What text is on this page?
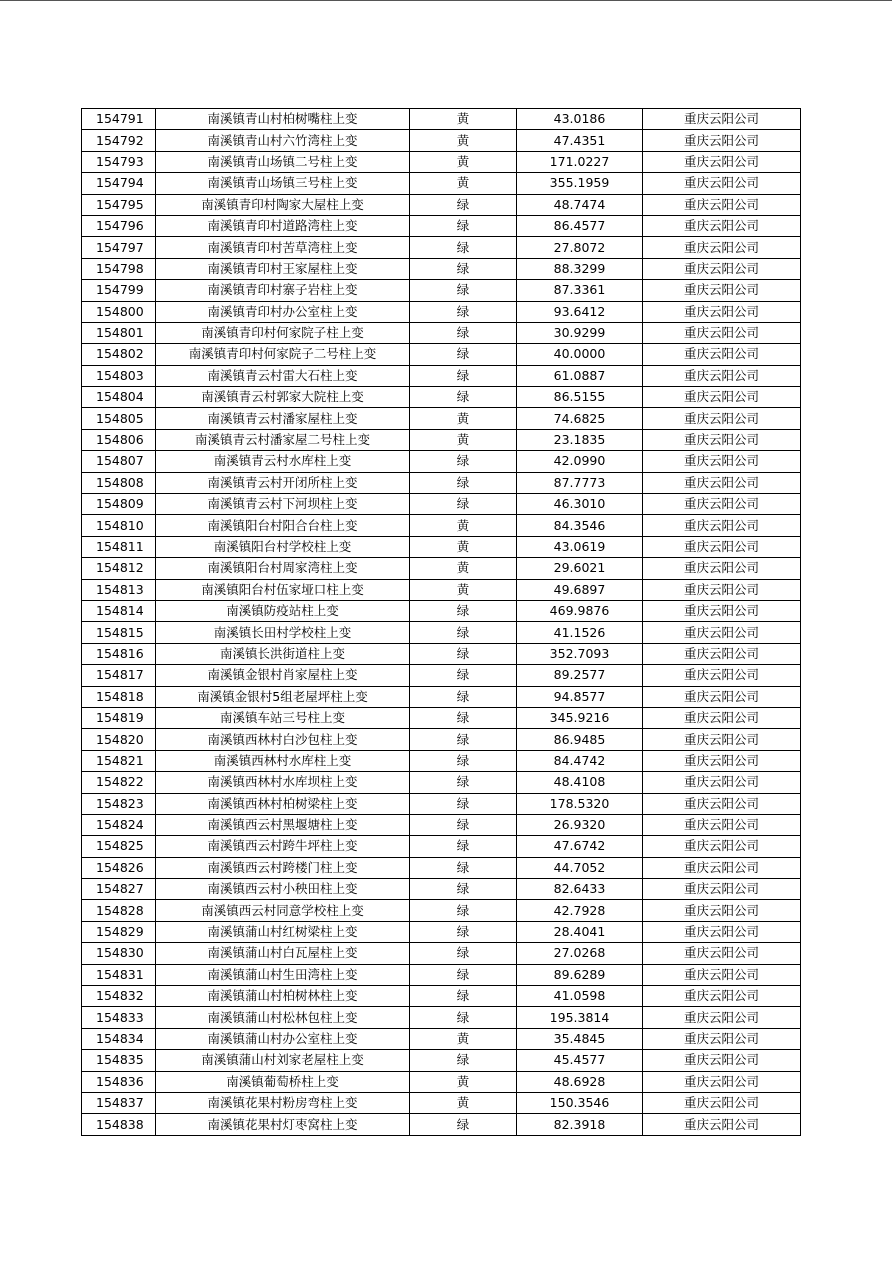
154791	南溪镇青山村柏树嘴柱上变	黄	43.0186	重庆云阳公司
154792	南溪镇青山村六竹湾柱上变	黄	47.4351	重庆云阳公司
154793	南溪镇青山场镇二号柱上变	黄	171.0227	重庆云阳公司
154794	南溪镇青山场镇三号柱上变	黄	355.1959	重庆云阳公司
154795	南溪镇青印村陶家大屋柱上变	绿	48.7474	重庆云阳公司
154796	南溪镇青印村道路湾柱上变	绿	86.4577	重庆云阳公司
154797	南溪镇青印村苦草湾柱上变	绿	27.8072	重庆云阳公司
154798	南溪镇青印村王家屋柱上变	绿	88.3299	重庆云阳公司
154799	南溪镇青印村寨子岩柱上变	绿	87.3361	重庆云阳公司
154800	南溪镇青印村办公室柱上变	绿	93.6412	重庆云阳公司
154801	南溪镇青印村何家院子柱上变	绿	30.9299	重庆云阳公司
154802	南溪镇青印村何家院子二号柱上变	绿	40.0000	重庆云阳公司
154803	南溪镇青云村雷大石柱上变	绿	61.0887	重庆云阳公司
154804	南溪镇青云村郭家大院柱上变	绿	86.5155	重庆云阳公司
154805	南溪镇青云村潘家屋柱上变	黄	74.6825	重庆云阳公司
154806	南溪镇青云村潘家屋二号柱上变	黄	23.1835	重庆云阳公司
154807	南溪镇青云村水库柱上变	绿	42.0990	重庆云阳公司
154808	南溪镇青云村开闭所柱上变	绿	87.7773	重庆云阳公司
154809	南溪镇青云村下河坝柱上变	绿	46.3010	重庆云阳公司
154810	南溪镇阳台村阳合台柱上变	黄	84.3546	重庆云阳公司
154811	南溪镇阳台村学校柱上变	黄	43.0619	重庆云阳公司
154812	南溪镇阳台村周家湾柱上变	黄	29.6021	重庆云阳公司
154813	南溪镇阳台村伍家垭口柱上变	黄	49.6897	重庆云阳公司
154814	南溪镇防疫站柱上变	绿	469.9876	重庆云阳公司
154815	南溪镇长田村学校柱上变	绿	41.1526	重庆云阳公司
154816	南溪镇长洪街道柱上变	绿	352.7093	重庆云阳公司
154817	南溪镇金银村肖家屋柱上变	绿	89.2577	重庆云阳公司
154818	南溪镇金银村5组老屋坪柱上变	绿	94.8577	重庆云阳公司
154819	南溪镇车站三号柱上变	绿	345.9216	重庆云阳公司
154820	南溪镇西林村白沙包柱上变	绿	86.9485	重庆云阳公司
154821	南溪镇西林村水库柱上变	绿	84.4742	重庆云阳公司
154822	南溪镇西林村水库坝柱上变	绿	48.4108	重庆云阳公司
154823	南溪镇西林村柏树梁柱上变	绿	178.5320	重庆云阳公司
154824	南溪镇西云村黑堰塘柱上变	绿	26.9320	重庆云阳公司
154825	南溪镇西云村跨牛坪柱上变	绿	47.6742	重庆云阳公司
154826	南溪镇西云村跨楼门柱上变	绿	44.7052	重庆云阳公司
154827	南溪镇西云村小秧田柱上变	绿	82.6433	重庆云阳公司
154828	南溪镇西云村同意学校柱上变	绿	42.7928	重庆云阳公司
154829	南溪镇蒲山村红树梁柱上变	绿	28.4041	重庆云阳公司
154830	南溪镇蒲山村白瓦屋柱上变	绿	27.0268	重庆云阳公司
154831	南溪镇蒲山村生田湾柱上变	绿	89.6289	重庆云阳公司
154832	南溪镇蒲山村柏树林柱上变	绿	41.0598	重庆云阳公司
154833	南溪镇蒲山村松林包柱上变	绿	195.3814	重庆云阳公司
154834	南溪镇蒲山村办公室柱上变	黄	35.4845	重庆云阳公司
154835	南溪镇蒲山村刘家老屋柱上变	绿	45.4577	重庆云阳公司
154836	南溪镇葡萄桥柱上变	黄	48.6928	重庆云阳公司
154837	南溪镇花果村粉房弯柱上变	黄	150.3546	重庆云阳公司
154838	南溪镇花果村灯枣窝柱上变	绿	82.3918	重庆云阳公司
